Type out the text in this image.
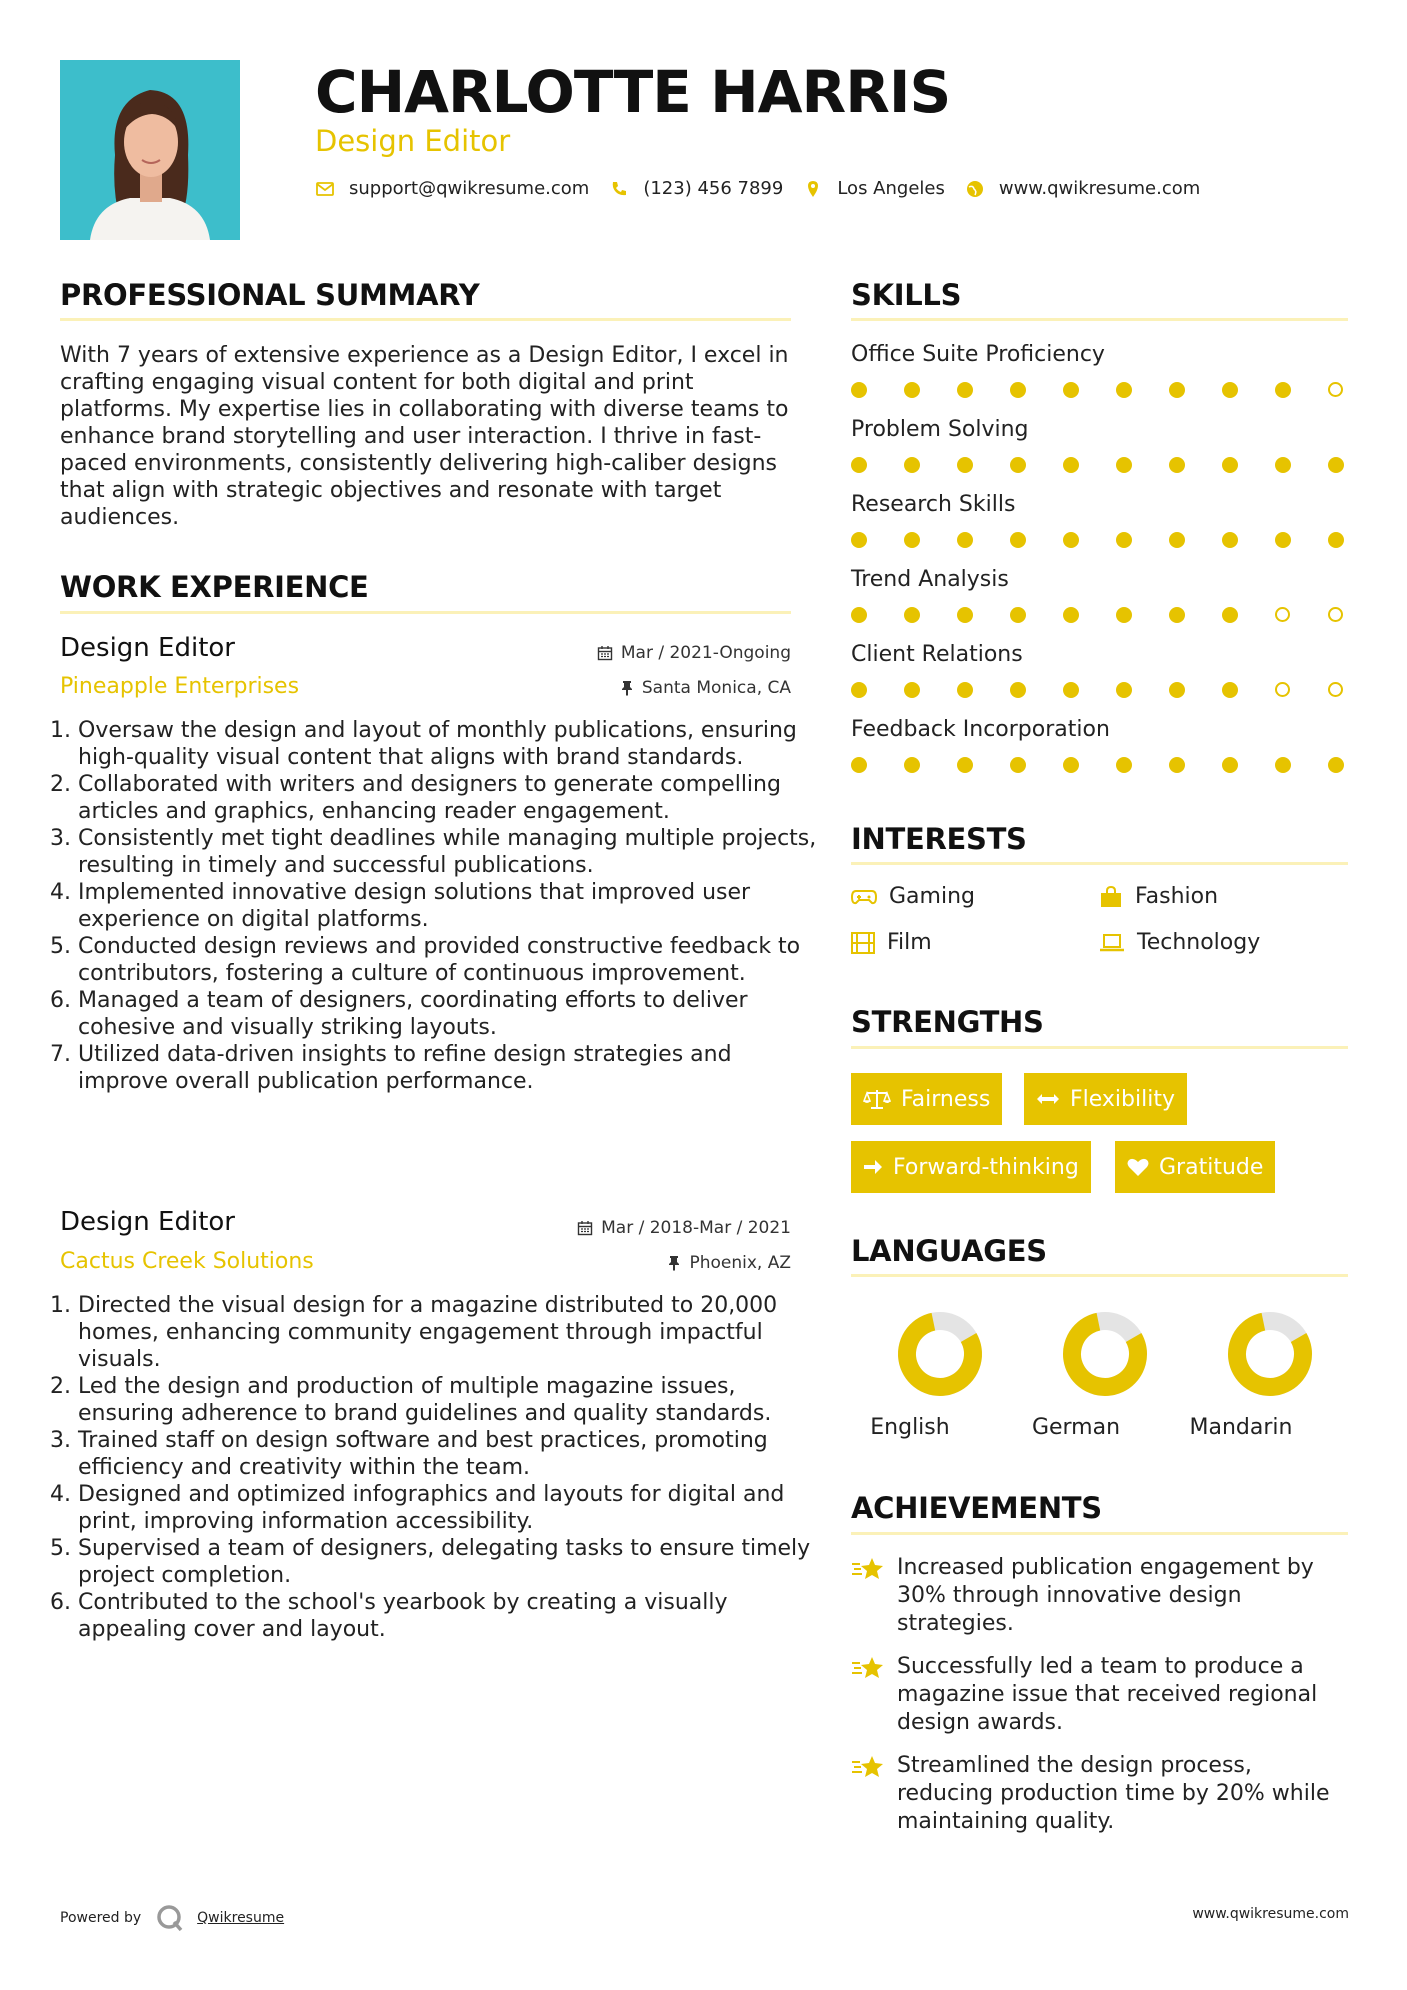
CHARLOTTE HARRIS
Design Editor
support@qwikresume.com	(123) 456 7899	Los Angeles	www.qwikresume.com
PROFESSIONAL SUMMARY

With 7 years of extensive experience as a Design Editor, I excel in crafting engaging visual content for both digital and print platforms. My expertise lies in collaborating with diverse teams to enhance brand storytelling and user interaction. I thrive in fast-paced environments, consistently delivering high-caliber designs that align with strategic objectives and resonate with target audiences.

WORK EXPERIENCE
Design Editor
Pineapple Enterprises
Mar / 2021-Ongoing
Santa Monica, CA
1. Oversaw the design and layout of monthly publications, ensuring high-quality visual content that aligns with brand standards.
2. Collaborated with writers and designers to generate compelling articles and graphics, enhancing reader engagement.
3. Consistently met tight deadlines while managing multiple projects, resulting in timely and successful publications.
4. Implemented innovative design solutions that improved user experience on digital platforms.
5. Conducted design reviews and provided constructive feedback to contributors, fostering a culture of continuous improvement.
6. Managed a team of designers, coordinating efforts to deliver cohesive and visually striking layouts.
7. Utilized data-driven insights to refine design strategies and improve overall publication performance.
Design Editor
Cactus Creek Solutions
Mar / 2018-Mar / 2021
Phoenix, AZ
1. Directed the visual design for a magazine distributed to 20,000 homes, enhancing community engagement through impactful visuals.
2. Led the design and production of multiple magazine issues, ensuring adherence to brand guidelines and quality standards.
3. Trained staff on design software and best practices, promoting efficiency and creativity within the team.
4. Designed and optimized infographics and layouts for digital and print, improving information accessibility.
5. Supervised a team of designers, delegating tasks to ensure timely project completion.
6. Contributed to the school's yearbook by creating a visually appealing cover and layout.
SKILLS
Office Suite Proficiency
Problem Solving
Research Skills
Trend Analysis
Client Relations
Feedback Incorporation
INTERESTS
Gaming	Fashion
Film	Technology
STRENGTHS
Fairness	Flexibility
Forward-thinking	Gratitude
LANGUAGES
English	German	Mandarin
ACHIEVEMENTS
Increased publication engagement by 30% through innovative design strategies.
Successfully led a team to produce a magazine issue that received regional design awards.
Streamlined the design process, reducing production time by 20% while maintaining quality.
Powered by	Qwikresume	www.qwikresume.com
